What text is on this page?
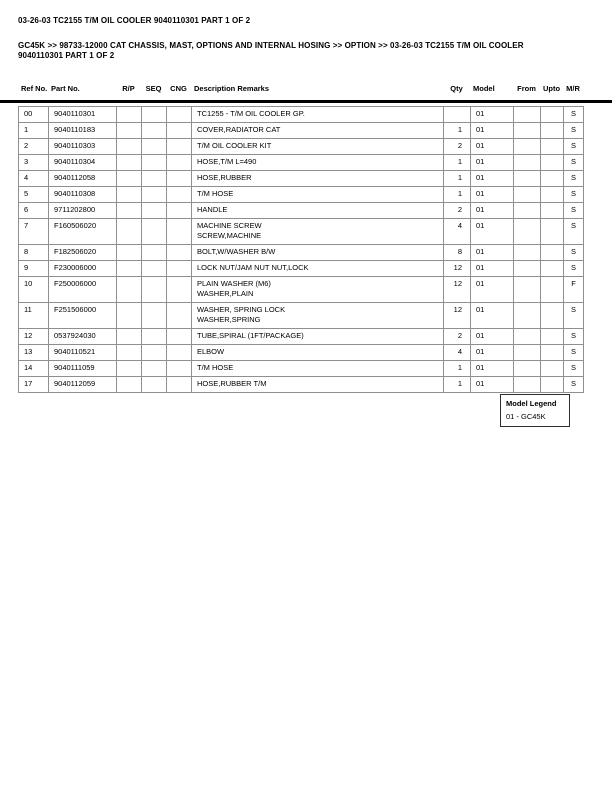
03-26-03 TC2155 T/M OIL COOLER 9040110301 PART 1 OF 2
GC45K >> 98733-12000 CAT CHASSIS, MAST, OPTIONS AND INTERNAL HOSING >> OPTION >> 03-26-03 TC2155 T/M OIL COOLER
9040110301 PART 1 OF 2
Ref No.	Part No.	R/P	SEQ	CNG	Description Remarks	Qty	Model	From	Upto	M/R
00	9040110301				TC1255 - T/M OIL COOLER GP.		01			S
1	9040110183				COVER,RADIATOR CAT	1	01			S
2	9040110303				T/M OIL COOLER KIT	2	01			S
3	9040110304				HOSE,T/M L=490	1	01			S
4	9040112058				HOSE,RUBBER	1	01			S
5	9040110308				T/M HOSE	1	01			S
6	9711202800				HANDLE	2	01			S
7	F160506020				MACHINE SCREW
SCREW,MACHINE	4	01			S
8	F182506020				BOLT,W/WASHER B/W	8	01			S
9	F230006000				LOCK NUT/JAM NUT NUT,LOCK	12	01			S
10	F250006000				PLAIN WASHER (M6)
WASHER,PLAIN	12	01			F
11	F251506000				WASHER, SPRING LOCK
WASHER,SPRING	12	01			S
12	0537924030				TUBE,SPIRAL (1FT/PACKAGE)	2	01			S
13	9040110521				ELBOW	4	01			S
14	9040111059				T/M HOSE	1	01			S
17	9040112059				HOSE,RUBBER T/M	1	01			S
Model Legend
01 - GC45K
